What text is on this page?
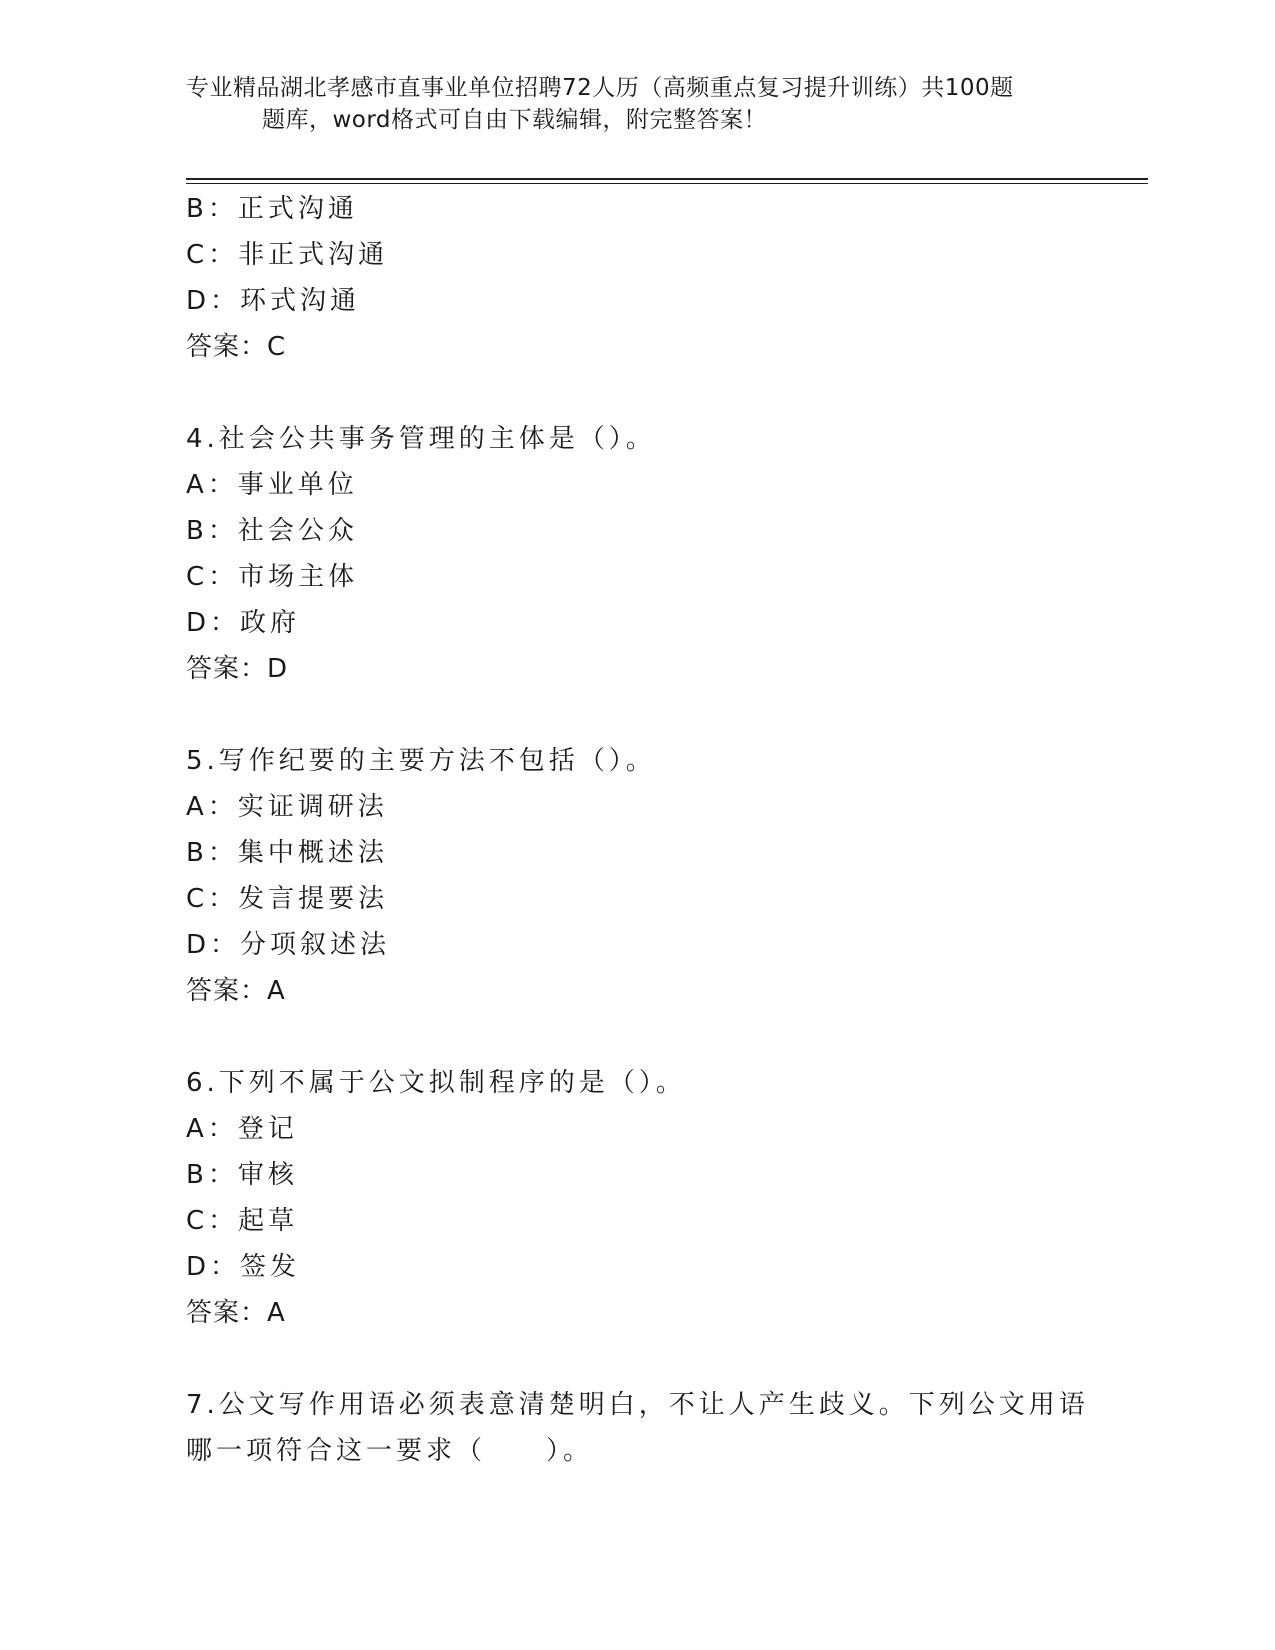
专业精品湖北孝感市直事业单位招聘72人历（高频重点复习提升训练）共100题
题库，word格式可自由下载编辑，附完整答案！
B：正式沟通
C：非正式沟通
D：环式沟通
答案：C
4.社会公共事务管理的主体是（）。
A：事业单位
B：社会公众
C：市场主体
D：政府
答案：D
5.写作纪要的主要方法不包括（）。
A：实证调研法
B：集中概述法
C：发言提要法
D：分项叙述法
答案：A
6.下列不属于公文拟制程序的是（）。
A：登记
B：审核
C：起草
D：签发
答案：A
7.公文写作用语必须表意清楚明白，不让人产生歧义。下列公文用语
哪一项符合这一要求（　　）。
